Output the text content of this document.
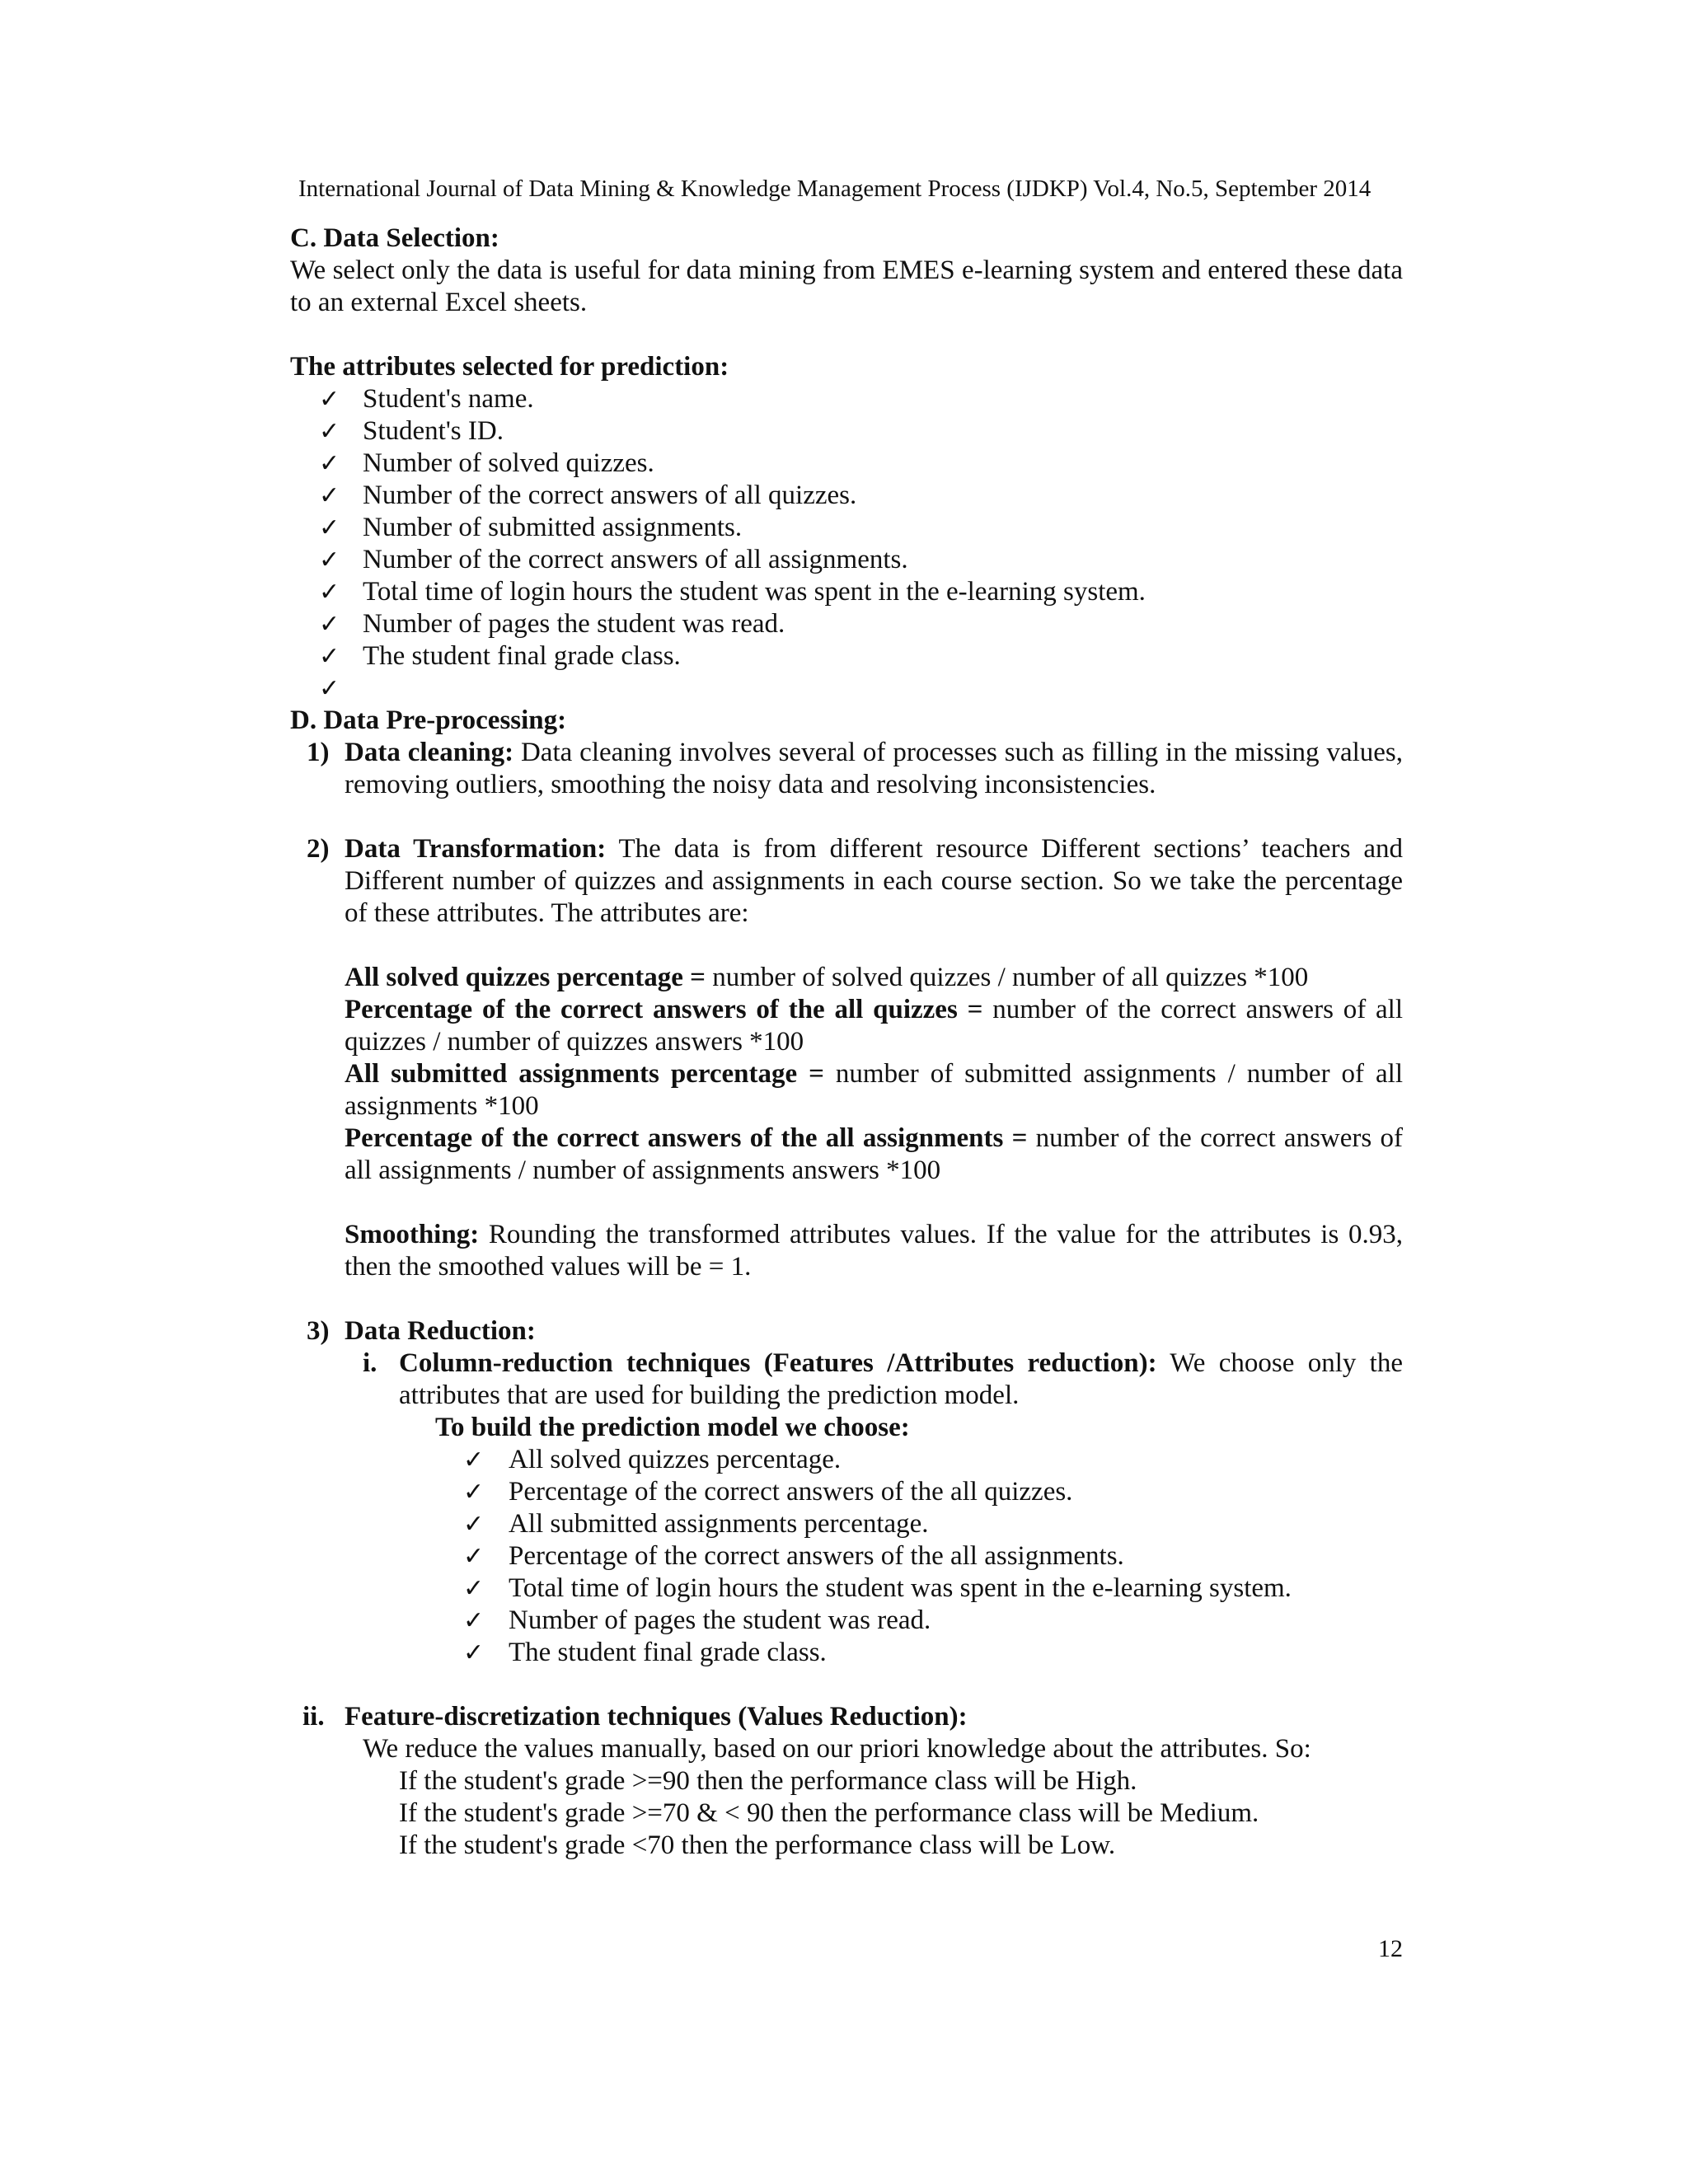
International Journal of Data Mining & Knowledge Management Process (IJDKP) Vol.4, No.5, September 2014

C. Data Selection:

We select only the data is useful for data mining from EMES e-learning system and entered these data to an external Excel sheets.

The attributes selected for prediction:

✓ Student's name.
✓ Student's ID.
✓ Number of solved quizzes.
✓ Number of the correct answers of all quizzes.
✓ Number of submitted assignments.
✓ Number of the correct answers of all assignments.
✓ Total time of login hours the student was spent in the e-learning system.
✓ Number of pages the student was read.
✓ The student final grade class.
✓

D. Data Pre-processing:

1) Data cleaning: Data cleaning involves several of processes such as filling in the missing values, removing outliers, smoothing the noisy data and resolving inconsistencies.
2) Data Transformation: The data is from different resource Different sections’ teachers and Different number of quizzes and assignments in each course section. So we take the percentage of these attributes. The attributes are:
All solved quizzes percentage = number of solved quizzes / number of all quizzes *100
Percentage of the correct answers of the all quizzes = number of the correct answers of all quizzes / number of quizzes answers *100
All submitted assignments percentage = number of submitted assignments / number of all assignments *100
Percentage of the correct answers of the all assignments = number of the correct answers of all assignments / number of assignments answers *100
Smoothing: Rounding the transformed attributes values. If the value for the attributes is 0.93, then the smoothed values will be = 1.
3) Data Reduction:
i. Column-reduction techniques (Features /Attributes reduction): We choose only the attributes that are used for building the prediction model.

To build the prediction model we choose:

✓ All solved quizzes percentage.
✓ Percentage of the correct answers of the all quizzes.
✓ All submitted assignments percentage.
✓ Percentage of the correct answers of the all assignments.
✓ Total time of login hours the student was spent in the e-learning system.
✓ Number of pages the student was read.
✓ The student final grade class.
ii. Feature-discretization techniques (Values Reduction):

We reduce the values manually, based on our priori knowledge about the attributes. So:

If the student's grade >=90 then the performance class will be High.

If the student's grade >=70 & < 90 then the performance class will be Medium.

If the student's grade <70 then the performance class will be Low.

12
